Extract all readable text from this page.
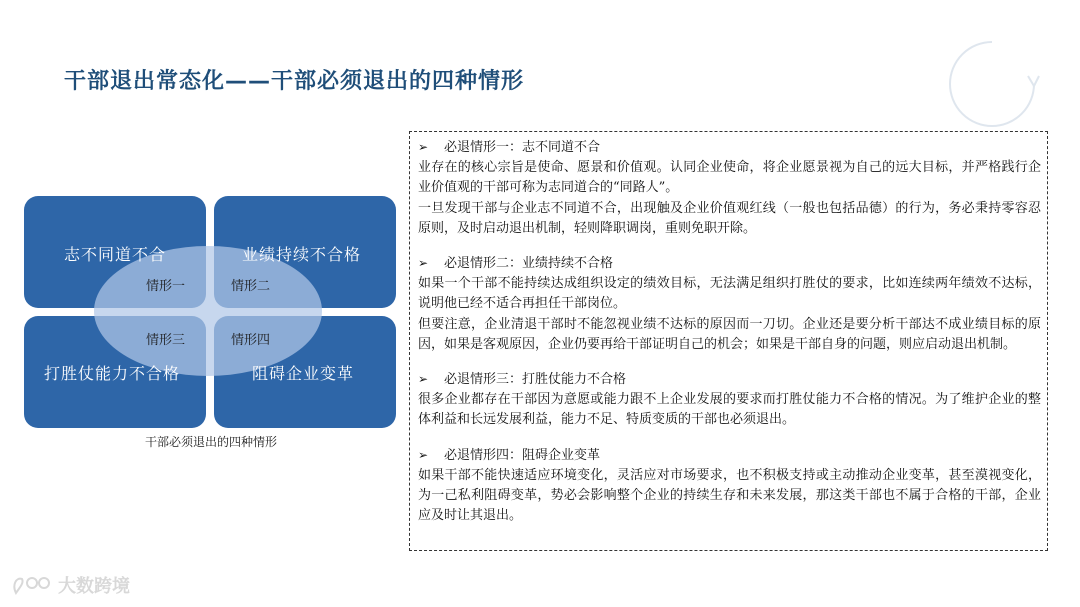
干部退出常态化——干部必须退出的四种情形
志不同道不合	业绩持续不合格
打胜仗能力不合格	阻碍企业变革
情形一	情形二
情形三	情形四
干部必须退出的四种情形
➢ 必退情形一：志不同道不合

业存在的核心宗旨是使命、愿景和价值观。认同企业使命，将企业愿景视为自己的远大目标，并严格践行企业价值观的干部可称为志同道合的“同路人”。

一旦发现干部与企业志不同道不合，出现触及企业价值观红线（一般也包括品德）的行为，务必秉持零容忍原则，及时启动退出机制，轻则降职调岗，重则免职开除。

➢ 必退情形二：业绩持续不合格

如果一个干部不能持续达成组织设定的绩效目标，无法满足组织打胜仗的要求，比如连续两年绩效不达标，说明他已经不适合再担任干部岗位。

但要注意，企业清退干部时不能忽视业绩不达标的原因而一刀切。企业还是要分析干部达不成业绩目标的原因，如果是客观原因，企业仍要再给干部证明自己的机会；如果是干部自身的问题，则应启动退出机制。

➢ 必退情形三：打胜仗能力不合格

很多企业都存在干部因为意愿或能力跟不上企业发展的要求而打胜仗能力不合格的情况。为了维护企业的整体利益和长远发展利益，能力不足、特质变质的干部也必须退出。

➢ 必退情形四：阻碍企业变革

如果干部不能快速适应环境变化，灵活应对市场要求，也不积极支持或主动推动企业变革，甚至漠视变化，为一己私利阻碍变革，势必会影响整个企业的持续生存和未来发展，那这类干部也不属于合格的干部，企业应及时让其退出。

大数跨境
